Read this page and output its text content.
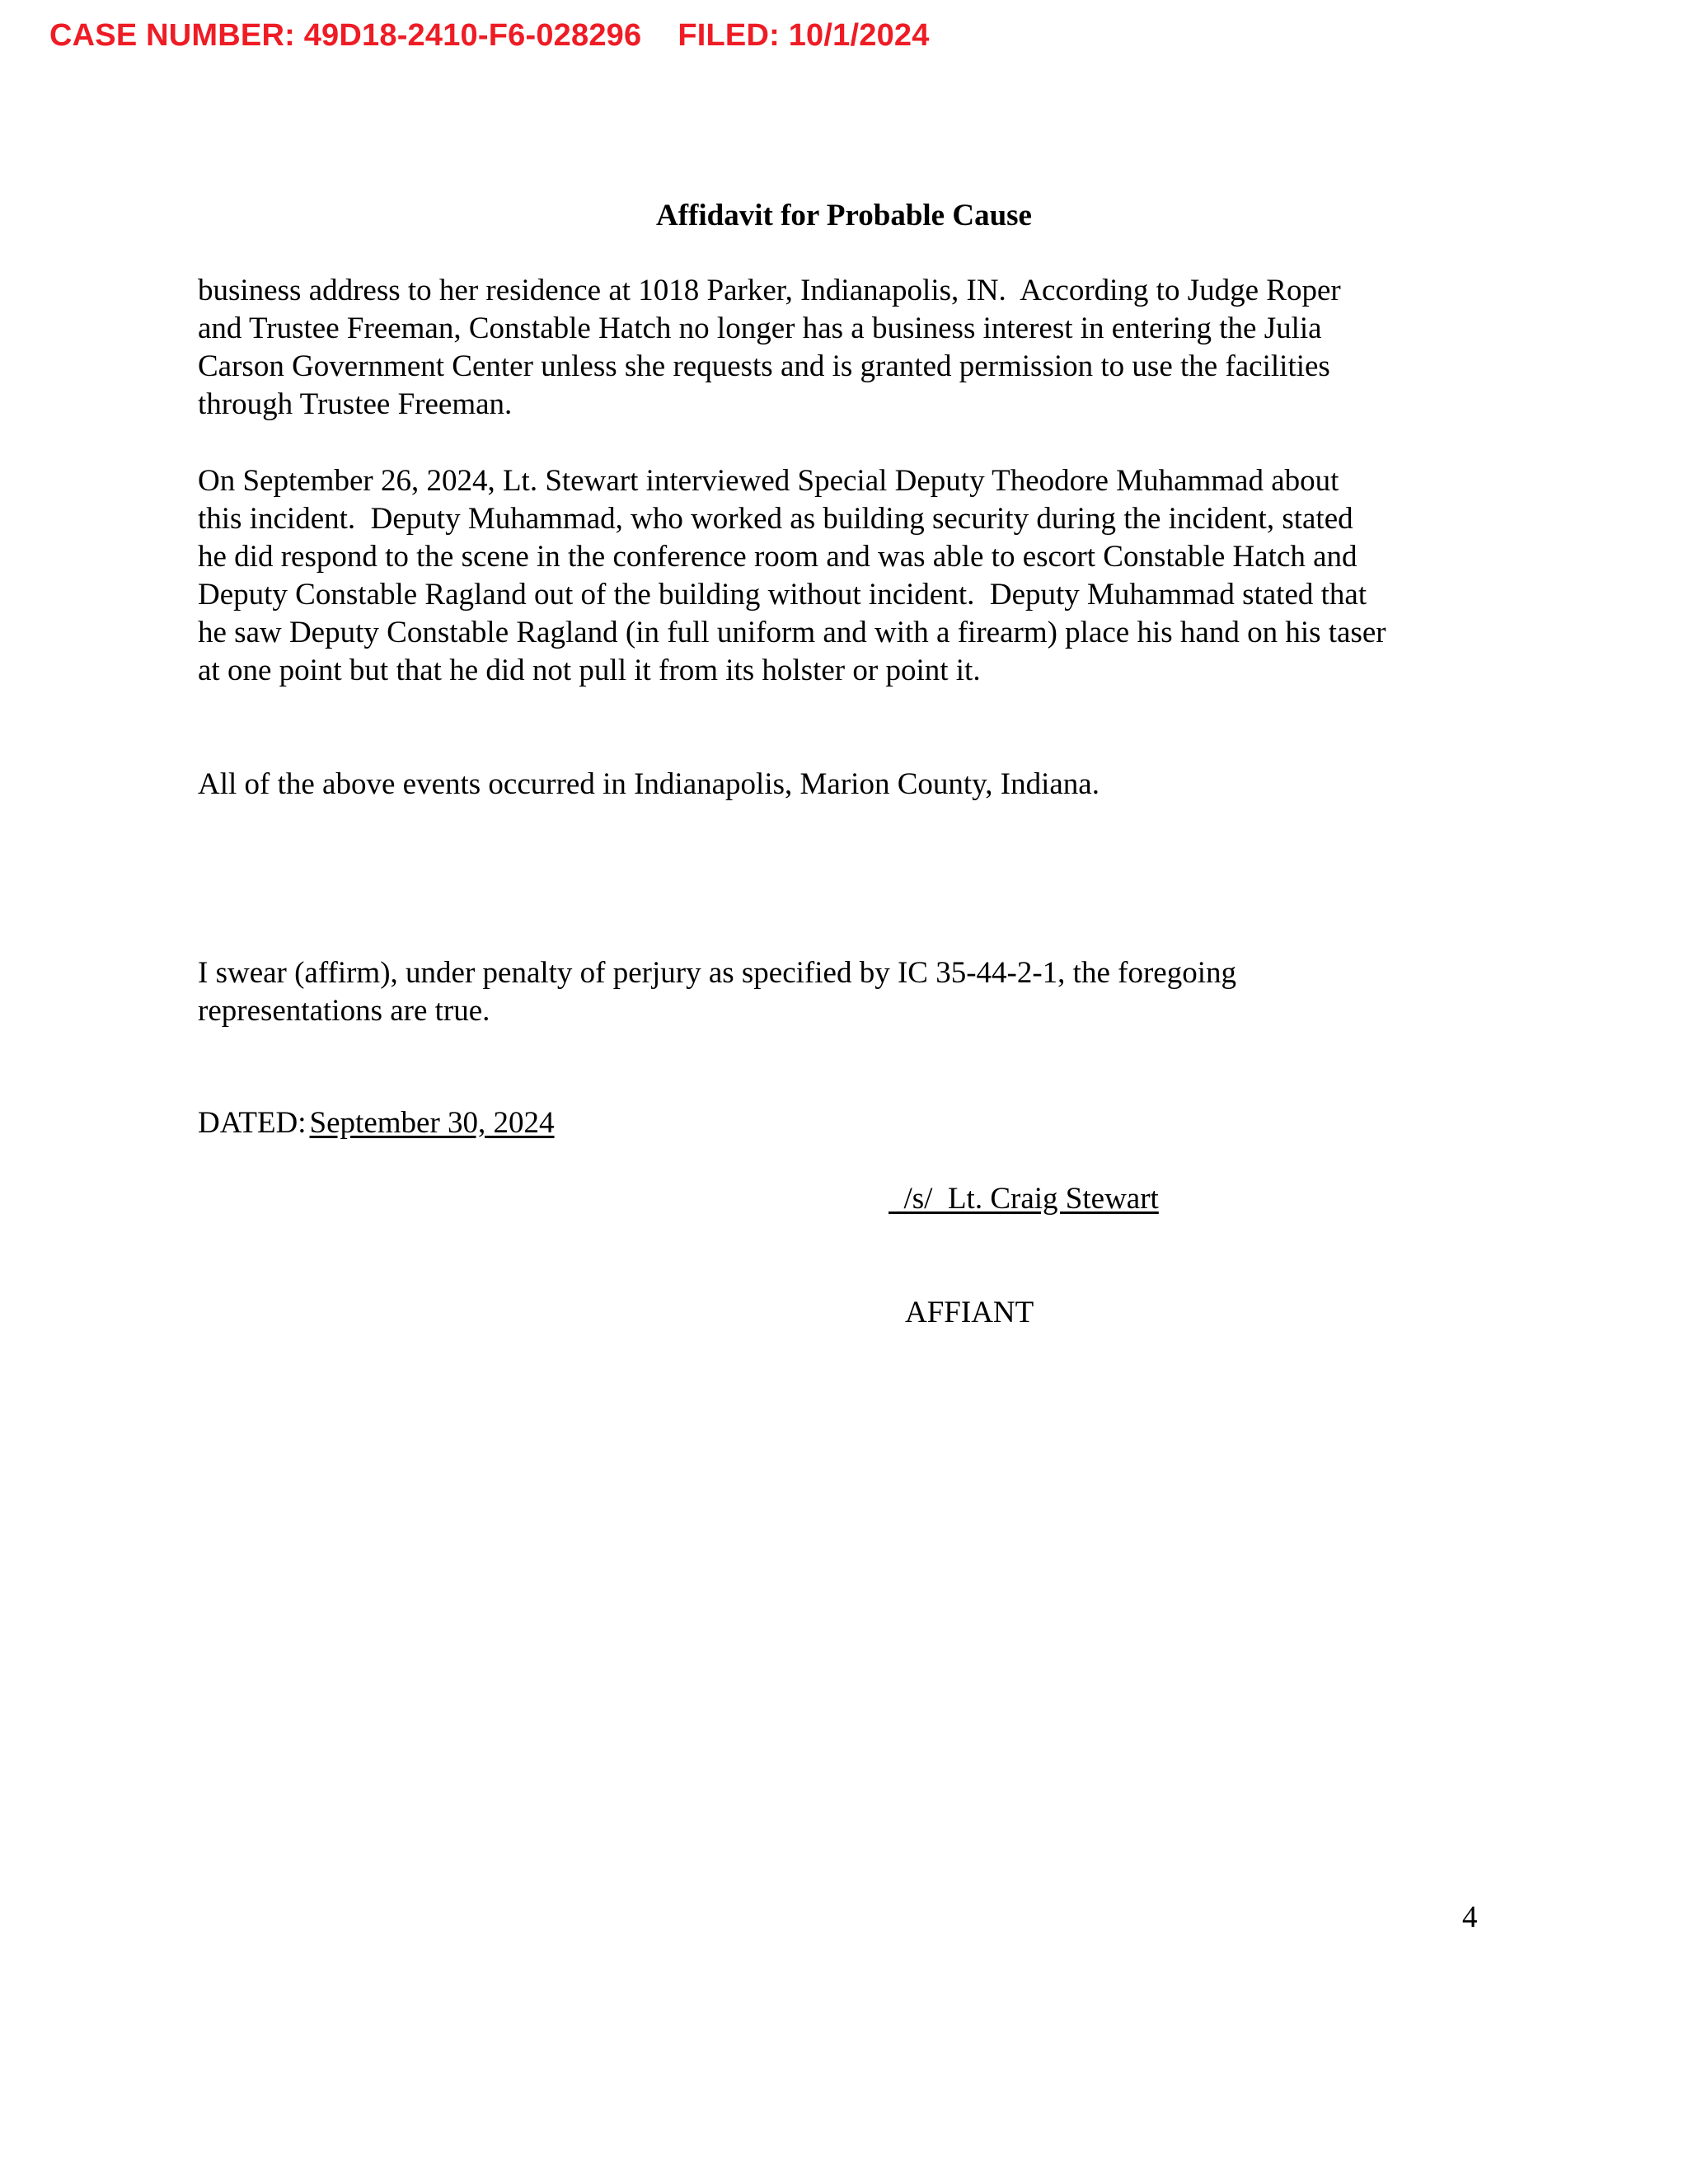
CASE NUMBER: 49D18-2410-F6-028296 FILED: 10/1/2024
Affidavit for Probable Cause

business address to her residence at 1018 Parker, Indianapolis, IN.  According to Judge Roper
and Trustee Freeman, Constable Hatch no longer has a business interest in entering the Julia
Carson Government Center unless she requests and is granted permission to use the facilities
through Trustee Freeman.

On September 26, 2024, Lt. Stewart interviewed Special Deputy Theodore Muhammad about
this incident.  Deputy Muhammad, who worked as building security during the incident, stated
he did respond to the scene in the conference room and was able to escort Constable Hatch and
Deputy Constable Ragland out of the building without incident.  Deputy Muhammad stated that
he saw Deputy Constable Ragland (in full uniform and with a firearm) place his hand on his taser
at one point but that he did not pull it from its holster or point it.

All of the above events occurred in Indianapolis, Marion County, Indiana.

I swear (affirm), under penalty of perjury as specified by IC 35-44-2-1, the foregoing
representations are true.

DATED: September 30, 2024

/s/  Lt. Craig Stewart

AFFIANT

4
